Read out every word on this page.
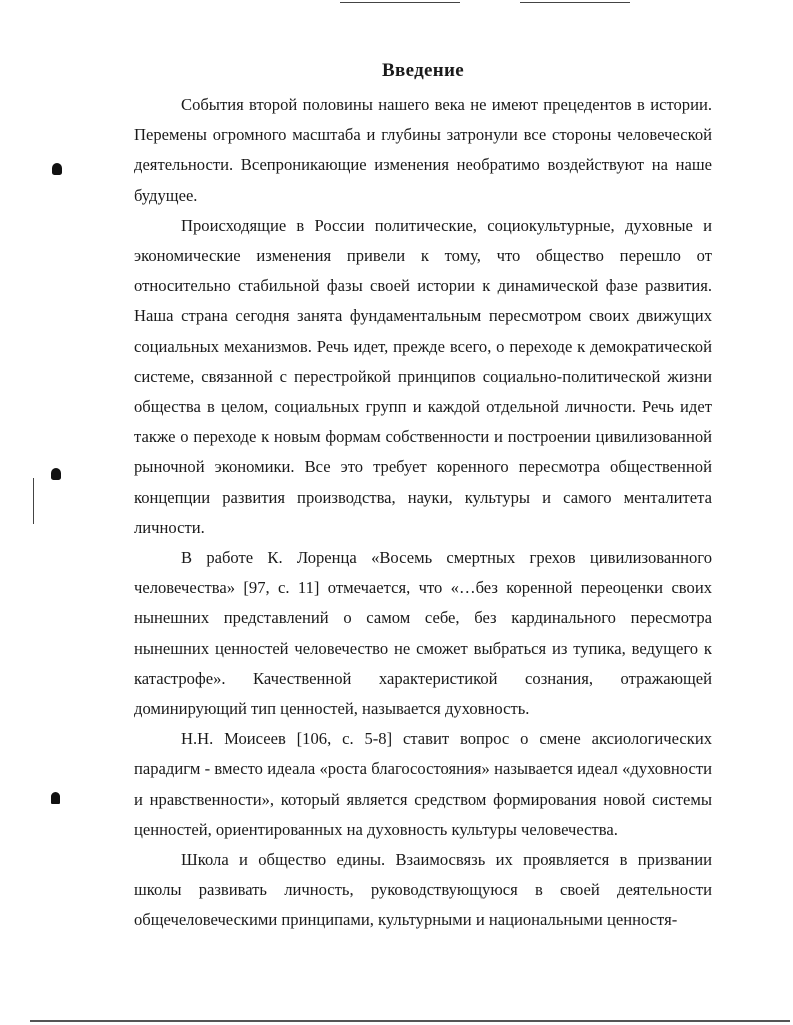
Введение

События второй половины нашего века не имеют прецедентов в истории. Перемены огромного масштаба и глубины затронули все стороны человеческой деятельности. Всепроникающие изменения необратимо воздействуют на наше будущее.

Происходящие в России политические, социокультурные, духовные и экономические изменения привели к тому, что общество перешло от относительно стабильной фазы своей истории к динамической фазе развития. Наша страна сегодня занята фундаментальным пересмотром своих движущих социальных механизмов. Речь идет, прежде всего, о переходе к демократической системе, связанной с перестройкой принципов социально-политической жизни общества в целом, социальных групп и каждой отдельной личности. Речь идет также о переходе к новым формам собственности и построении цивилизованной рыночной экономики. Все это требует коренного пересмотра общественной концепции развития производства, науки, культуры и самого менталитета личности.

В работе К. Лоренца «Восемь смертных грехов цивилизованного человечества» [97, с. 11] отмечается, что «…без коренной переоценки своих нынешних представлений о самом себе, без кардинального пересмотра нынешних ценностей человечество не сможет выбраться из тупика, ведущего к катастрофе». Качественной характеристикой сознания, отражающей доминирующий тип ценностей, называется духовность.

Н.Н. Моисеев [106, с. 5-8] ставит вопрос о смене аксиологических парадигм - вместо идеала «роста благосостояния» называется идеал «духовности и нравственности», который является средством формирования новой системы ценностей, ориентированных на духовность культуры человечества.

Школа и общество едины. Взаимосвязь их проявляется в призвании школы развивать личность, руководствующуюся в своей деятельности общечеловеческими принципами, культурными и национальными ценностя-
